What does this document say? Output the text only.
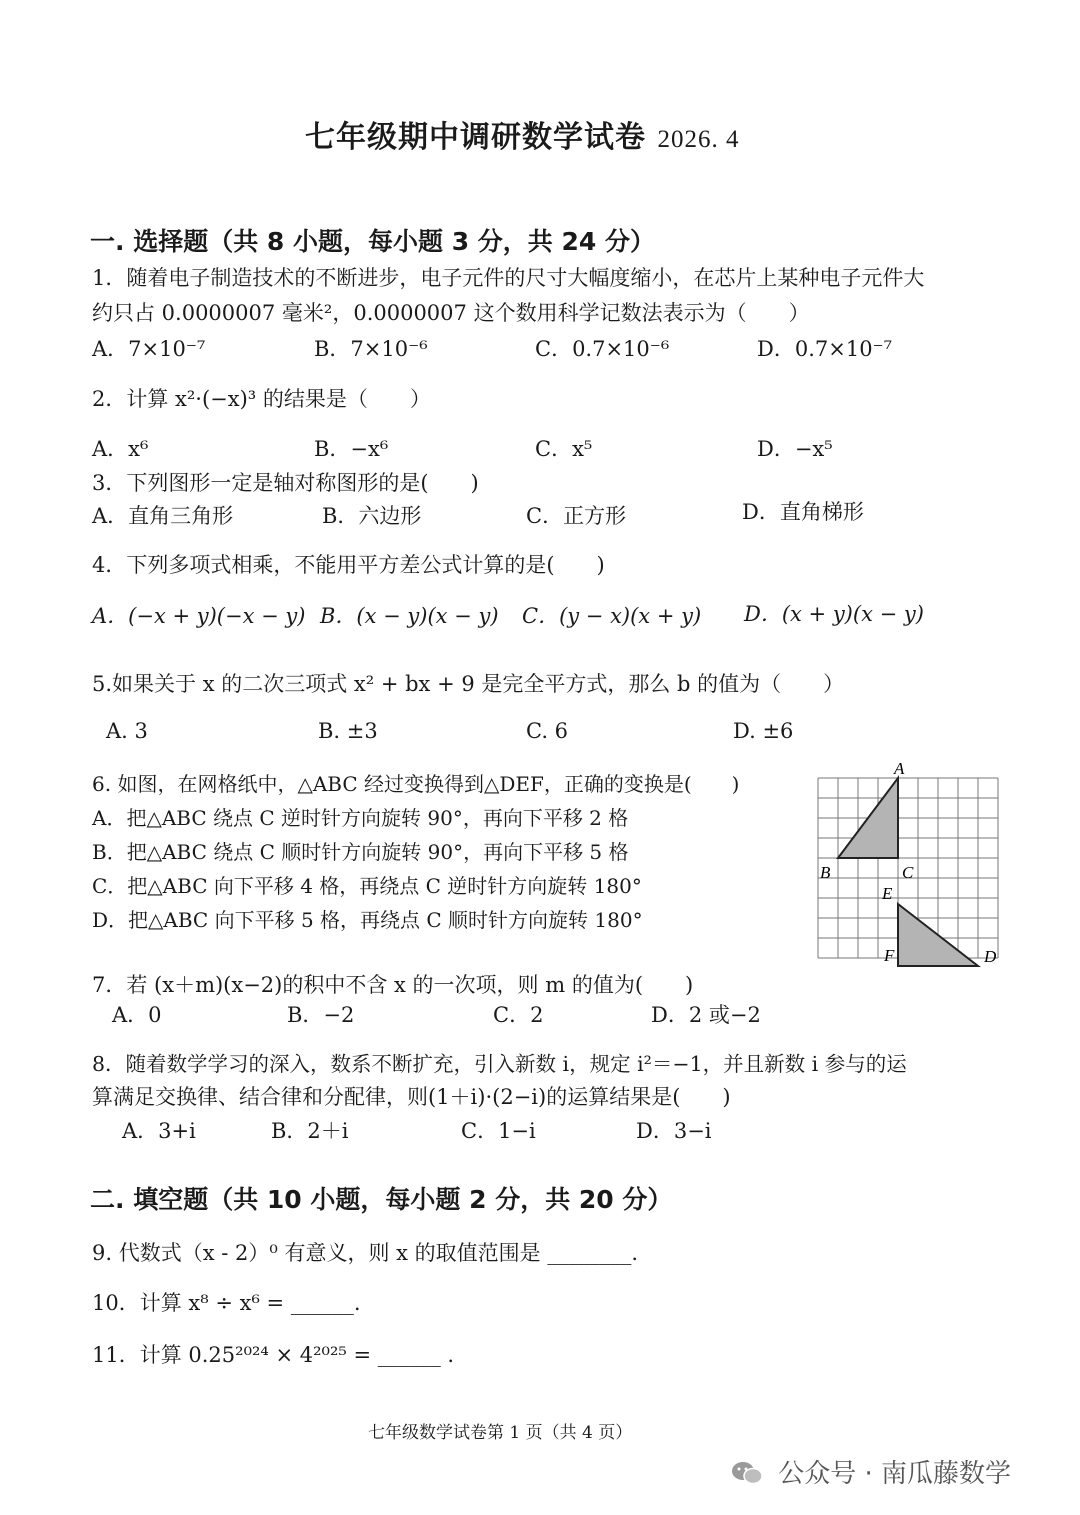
七年级期中调研数学试卷 2026. 4
一. 选择题（共 8 小题，每小题 3 分，共 24 分）
1．随着电子制造技术的不断进步，电子元件的尺寸大幅度缩小，在芯片上某种电子元件大
约只占 0.0000007 毫米²，0.0000007 这个数用科学记数法表示为（　　）
A．7×10⁻⁷	B．7×10⁻⁶	C．0.7×10⁻⁶	D．0.7×10⁻⁷
2．计算 x²·(−x)³ 的结果是（　　）
A．x⁶	B．−x⁶	C．x⁵	D．−x⁵
3．下列图形一定是轴对称图形的是(　　)
A．直角三角形	B．六边形	C．正方形	D．直角梯形
4．下列多项式相乘，不能用平方差公式计算的是(　　)
A．(−x + y)(−x − y) B．(x − y)(x − y) C．(y − x)(x + y) D．(x + y)(x − y)
5.如果关于 x 的二次三项式 x² + bx + 9 是完全平方式，那么 b 的值为（　　）
A. 3	B. ±3	C. 6	D. ±6
6. 如图，在网格纸中，△ABC 经过变换得到△DEF，正确的变换是(　　)
A．把△ABC 绕点 C 逆时针方向旋转 90°，再向下平移 2 格
B．把△ABC 绕点 C 顺时针方向旋转 90°，再向下平移 5 格
C．把△ABC 向下平移 4 格，再绕点 C 逆时针方向旋转 180°
D．把△ABC 向下平移 5 格，再绕点 C 顺时针方向旋转 180°
A
B	C
E
F	D
7．若 (x＋m)(x−2)的积中不含 x 的一次项，则 m 的值为(　　)
A．0	B．−2	C．2	D．2 或−2
8．随着数学学习的深入，数系不断扩充，引入新数 i，规定 i²＝−1，并且新数 i 参与的运
算满足交换律、结合律和分配律，则(1＋i)·(2−i)的运算结果是(　　)
A．3+i	B．2＋i	C．1−i	D．3−i
二. 填空题（共 10 小题，每小题 2 分，共 20 分）
9. 代数式（x - 2）⁰ 有意义，则 x 的取值范围是 ________.
10．计算 x⁸ ÷ x⁶ = ______.
11．计算 0.25²⁰²⁴ × 4²⁰²⁵ = ______ .
七年级数学试卷第 1 页（共 4 页）
公众号 · 南瓜藤数学
